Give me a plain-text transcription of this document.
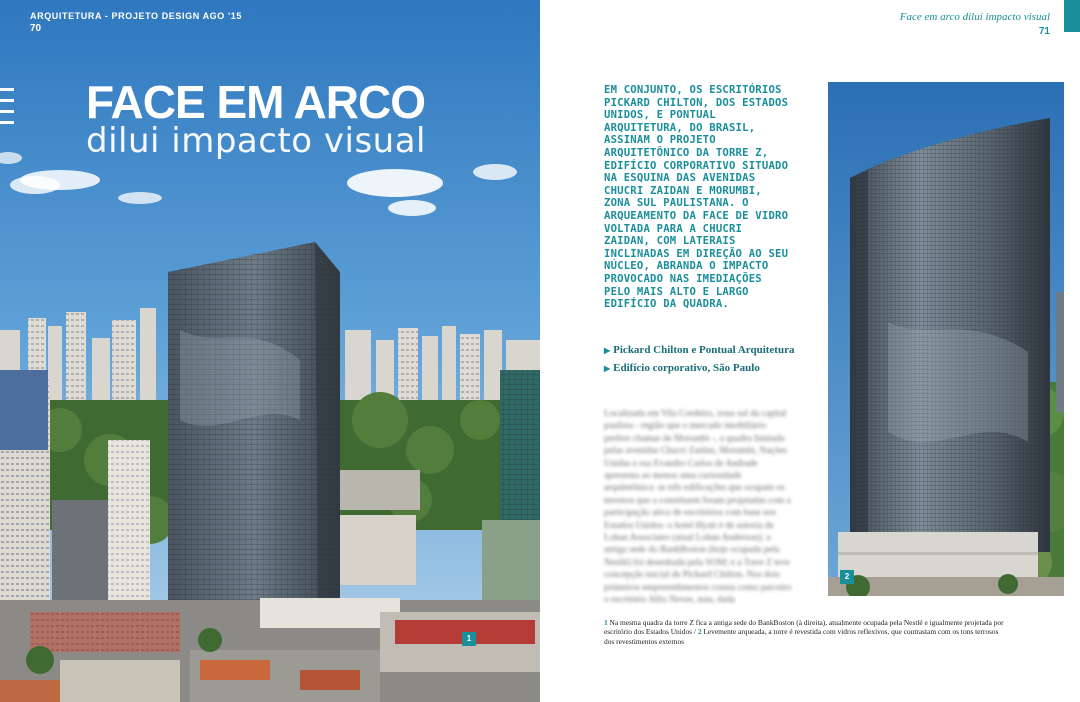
ARQUITETURA - PROJETO DESIGN AGO '15
70
FACE EM ARCO
dilui impacto visual
1
Face em arco dilui impacto visual
71
EM CONJUNTO, OS ESCRITÓRIOS PICKARD CHILTON, DOS ESTADOS UNIDOS, E PONTUAL ARQUITETURA, DO BRASIL, ASSINAM O PROJETO ARQUITETÔNICO DA TORRE Z, EDIFÍCIO CORPORATIVO SITUADO NA ESQUINA DAS AVENIDAS CHUCRI ZAIDAN E MORUMBI, ZONA SUL PAULISTANA. O ARQUEAMENTO DA FACE DE VIDRO VOLTADA PARA A CHUCRI ZAIDAN, COM LATERAIS INCLINADAS EM DIREÇÃO AO SEU NÚCLEO, ABRANDA O IMPACTO PROVOCADO NAS IMEDIAÇÕES PELO MAIS ALTO E LARGO EDIFÍCIO DA QUADRA.
▶ Pickard Chilton e Pontual Arquitetura
▶ Edifício corporativo, São Paulo
Localizada em Vila Cordeiro, zona sul da capital paulista - região que o mercado imobiliário prefere chamar de Morumbi -, a quadra limitada pelas avenidas Chucri Zaidan, Morumbi, Nações Unidas e rua Evandro Carlos de Andrade apresenta ao menos uma curiosidade arquitetônica: as três edificações que ocupam os terrenos que a constituem foram projetadas com a participação ativa de escritórios com base nos Estados Unidos: o hotel Hyatt é de autoria de Lohan Associates (atual Lohan Anderson); a antiga sede do BankBoston (hoje ocupada pela Nestlé) foi desenhada pela SOM; e a Torre Z teve concepção inicial de Pickard Chilton. Nos dois primeiros empreendimentos consta como parceiro o escritório Júlio Neves, mas, dada
2
1 Na mesma quadra da torre Z fica a antiga sede do BankBoston (à direita), atualmente ocupada pela Nestlé e igualmente projetada por escritório dos Estados Unidos / 2 Levemente arqueada, a torre é revestida com vidros reflexivos, que contrastam com os tons terrosos dos revestimentos externos
